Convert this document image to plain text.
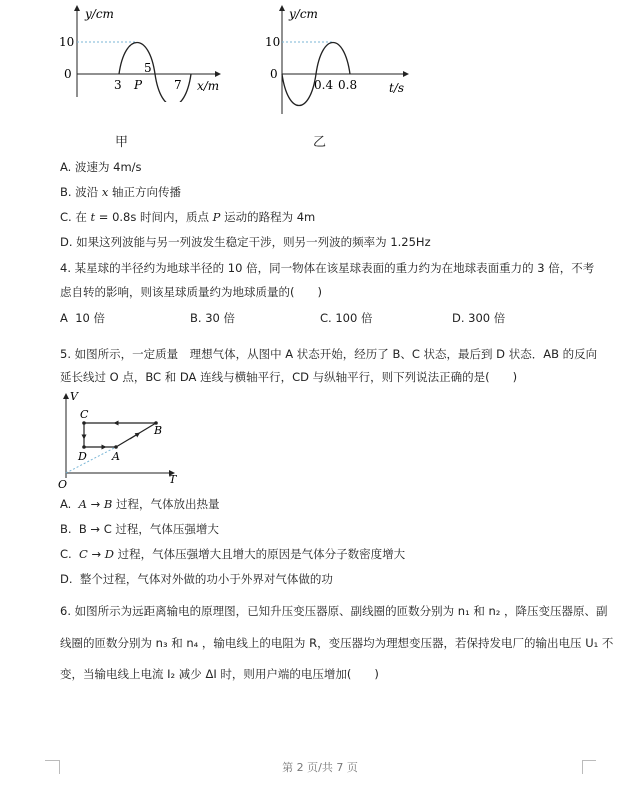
y/cm
10
0
3 P
5
7 x/m
甲
y/cm
10
0
0.4 0.8	t/s
乙
A. 波速为 4m/s
B. 波沿 x 轴正方向传播
C. 在 t = 0.8s 时间内，质点 P 运动的路程为 4m
D. 如果这列波能与另一列波发生稳定干涉，则另一列波的频率为 1.25Hz
4. 某星球的半径约为地球半径的 10 倍，同一物体在该星球表面的重力约为在地球表面重力的 3 倍，不考
虑自转的影响，则该星球质量约为地球质量的(　　)
A 10 倍	B. 30 倍	C. 100 倍	D. 300 倍
5. 如图所示，一定质量　理想气体，从图中 A 状态开始，经历了 B、C 状态，最后到 D 状态．AB 的反向
延长线过 O 点，BC 和 DA 连线与横轴平行，CD 与纵轴平行，则下列说法正确的是(　　)
V
T
O
A
B
C
D
A. A → B 过程，气体放出热量
B. B → C 过程，气体压强增大
C. C → D 过程，气体压强增大且增大的原因是气体分子数密度增大
D. 整个过程，气体对外做的功小于外界对气体做的功
6. 如图所示为远距离输电的原理图，已知升压变压器原、副线圈的匝数分别为 n₁ 和 n₂ ，降压变压器原、副
线圈的匝数分别为 n₃ 和 n₄ ，输电线上的电阻为 R，变压器均为理想变压器，若保持发电厂的输出电压 U₁ 不
变，当输电线上电流 I₂ 减少 ΔI 时，则用户端的电压增加(　　)
第 2 页/共 7 页
